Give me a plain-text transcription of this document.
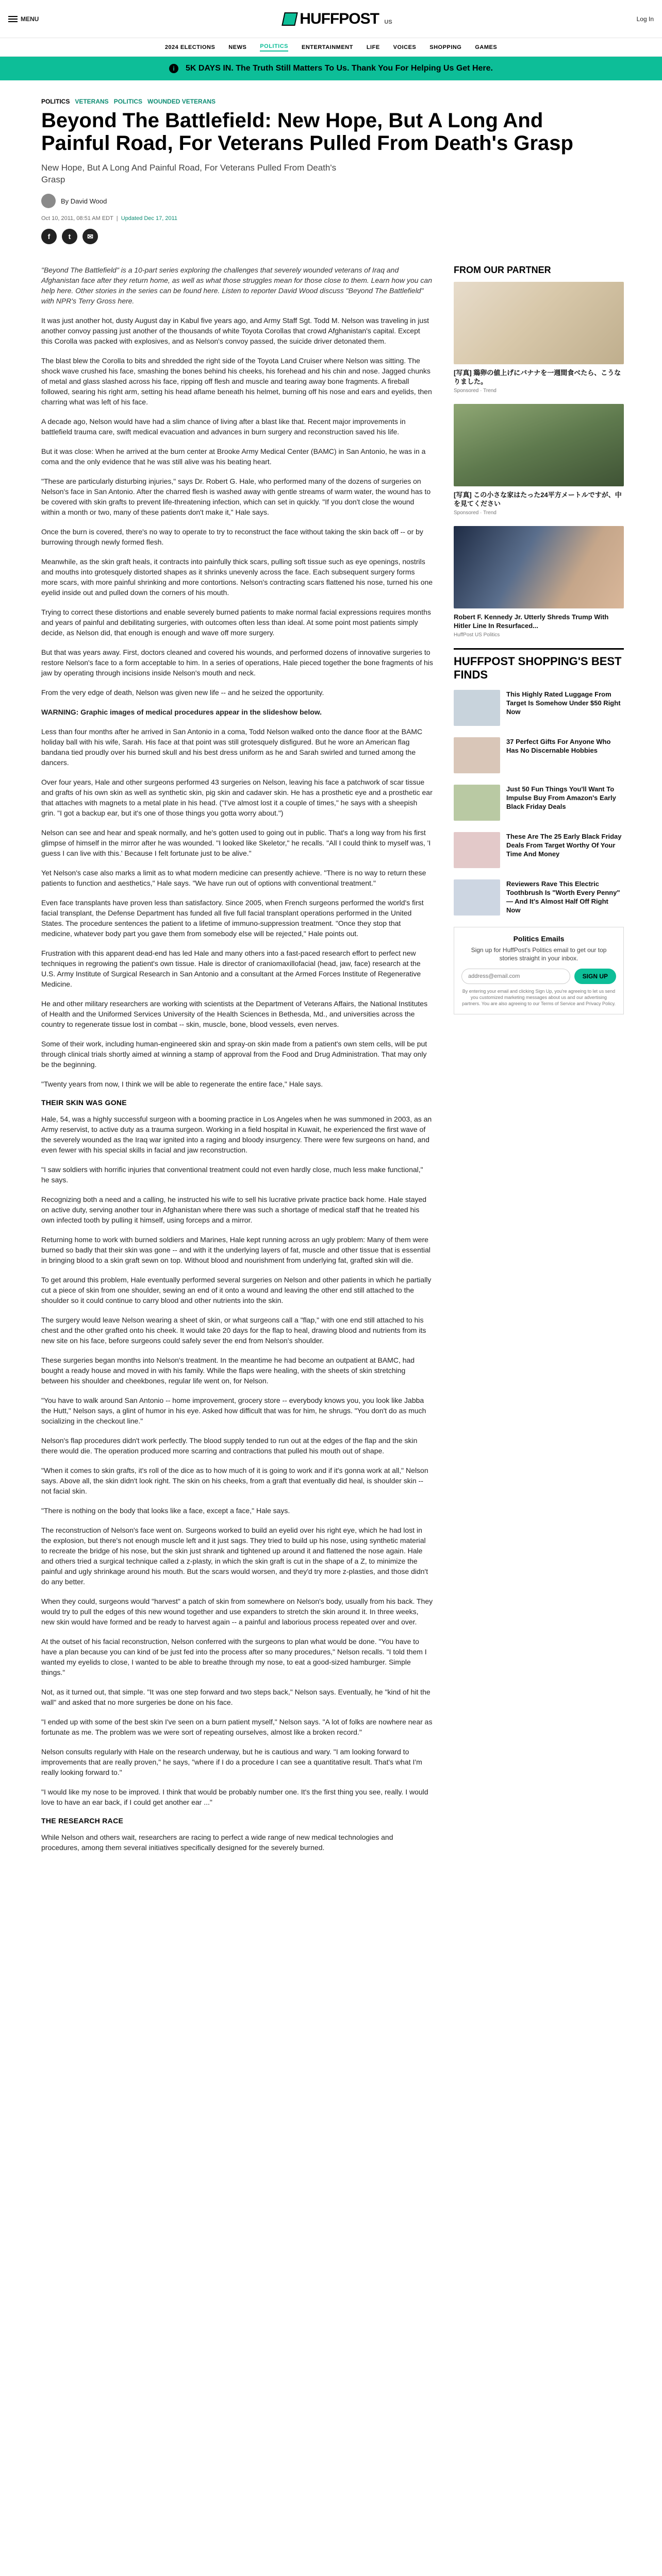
MENU	HUFFPOST US	Log In
2024 ELECTIONS NEWS POLITICS ENTERTAINMENT LIFE VOICES SHOPPING GAMES
i	5K DAYS IN. The Truth Still Matters To Us. Thank You For Helping Us Get Here.
POLITICS VETERANS POLITICS WOUNDED VETERANS
Beyond The Battlefield: New Hope, But A Long And Painful Road, For Veterans Pulled From Death's Grasp
New Hope, But A Long And Painful Road, For Veterans Pulled From Death's Grasp
By David Wood
Oct 10, 2011, 08:51 AM EDT  |  Updated Dec 17, 2011
f	t ✉

"Beyond The Battlefield" is a 10-part series exploring the challenges that severely wounded veterans of Iraq and Afghanistan face after they return home, as well as what those struggles mean for those close to them. Learn how you can help here. Other stories in the series can be found here. Listen to reporter David Wood discuss "Beyond The Battlefield" with NPR's Terry Gross here.

It was just another hot, dusty August day in Kabul five years ago, and Army Staff Sgt. Todd M. Nelson was traveling in just another convoy passing just another of the thousands of white Toyota Corollas that crowd Afghanistan's capital. Except this Corolla was packed with explosives, and as Nelson's convoy passed, the suicide driver detonated them.

The blast blew the Corolla to bits and shredded the right side of the Toyota Land Cruiser where Nelson was sitting. The shock wave crushed his face, smashing the bones behind his cheeks, his forehead and his chin and nose. Jagged chunks of metal and glass slashed across his face, ripping off flesh and muscle and tearing away bone fragments. A fireball followed, searing his right arm, setting his head aflame beneath his helmet, burning off his nose and ears and eyelids, then charring what was left of his face.

A decade ago, Nelson would have had a slim chance of living after a blast like that. Recent major improvements in battlefield trauma care, swift medical evacuation and advances in burn surgery and reconstruction saved his life.

But it was close: When he arrived at the burn center at Brooke Army Medical Center (BAMC) in San Antonio, he was in a coma and the only evidence that he was still alive was his beating heart.

"These are particularly disturbing injuries," says Dr. Robert G. Hale, who performed many of the dozens of surgeries on Nelson's face in San Antonio. After the charred flesh is washed away with gentle streams of warm water, the wound has to be covered with skin grafts to prevent life-threatening infection, which can set in quickly. "If you don't close the wound within a month or two, many of these patients don't make it," Hale says.

Once the burn is covered, there's no way to operate to try to reconstruct the face without taking the skin back off -- or by burrowing through newly formed flesh.

Meanwhile, as the skin graft heals, it contracts into painfully thick scars, pulling soft tissue such as eye openings, nostrils and mouths into grotesquely distorted shapes as it shrinks unevenly across the face. Each subsequent surgery forms more scars, with more painful shrinking and more contortions. Nelson's contracting scars flattened his nose, turned his one eyelid inside out and pulled down the corners of his mouth.

Trying to correct these distortions and enable severely burned patients to make normal facial expressions requires months and years of painful and debilitating surgeries, with outcomes often less than ideal. At some point most patients simply decide, as Nelson did, that enough is enough and wave off more surgery.

But that was years away. First, doctors cleaned and covered his wounds, and performed dozens of innovative surgeries to restore Nelson's face to a form acceptable to him. In a series of operations, Hale pieced together the bone fragments of his jaw by operating through incisions inside Nelson's mouth and neck.

From the very edge of death, Nelson was given new life -- and he seized the opportunity.

WARNING: Graphic images of medical procedures appear in the slideshow below.

Less than four months after he arrived in San Antonio in a coma, Todd Nelson walked onto the dance floor at the BAMC holiday ball with his wife, Sarah. His face at that point was still grotesquely disfigured. But he wore an American flag bandana tied proudly over his burned skull and his best dress uniform as he and Sarah swirled and turned among the dancers.

Over four years, Hale and other surgeons performed 43 surgeries on Nelson, leaving his face a patchwork of scar tissue and grafts of his own skin as well as synthetic skin, pig skin and cadaver skin. He has a prosthetic eye and a prosthetic ear that attaches with magnets to a metal plate in his head. ("I've almost lost it a couple of times," he says with a sheepish grin. "I got a backup ear, but it's one of those things you gotta worry about.")

Nelson can see and hear and speak normally, and he's gotten used to going out in public. That's a long way from his first glimpse of himself in the mirror after he was wounded. "I looked like Skeletor," he recalls. "All I could think to myself was, 'I guess I can live with this.' Because I felt fortunate just to be alive."

Yet Nelson's case also marks a limit as to what modern medicine can presently achieve. "There is no way to return these patients to function and aesthetics," Hale says. "We have run out of options with conventional treatment."

Even face transplants have proven less than satisfactory. Since 2005, when French surgeons performed the world's first facial transplant, the Defense Department has funded all five full facial transplant operations performed in the United States. The procedure sentences the patient to a lifetime of immuno-suppression treatment. "Once they stop that medicine, whatever body part you gave them from somebody else will be rejected," Hale points out.

Frustration with this apparent dead-end has led Hale and many others into a fast-paced research effort to perfect new techniques in regrowing the patient's own tissue. Hale is director of craniomaxillofacial (head, jaw, face) research at the U.S. Army Institute of Surgical Research in San Antonio and a consultant at the Armed Forces Institute of Regenerative Medicine.

He and other military researchers are working with scientists at the Department of Veterans Affairs, the National Institutes of Health and the Uniformed Services University of the Health Sciences in Bethesda, Md., and universities across the country to regenerate tissue lost in combat -- skin, muscle, bone, blood vessels, even nerves.

Some of their work, including human-engineered skin and spray-on skin made from a patient's own stem cells, will be put through clinical trials shortly aimed at winning a stamp of approval from the Food and Drug Administration. That may only be the beginning.

"Twenty years from now, I think we will be able to regenerate the entire face," Hale says.

THEIR SKIN WAS GONE

Hale, 54, was a highly successful surgeon with a booming practice in Los Angeles when he was summoned in 2003, as an Army reservist, to active duty as a trauma surgeon. Working in a field hospital in Kuwait, he experienced the first wave of the severely wounded as the Iraq war ignited into a raging and bloody insurgency. There were few surgeons on hand, and even fewer with his special skills in facial and jaw reconstruction.

"I saw soldiers with horrific injuries that conventional treatment could not even hardly close, much less make functional," he says.

Recognizing both a need and a calling, he instructed his wife to sell his lucrative private practice back home. Hale stayed on active duty, serving another tour in Afghanistan where there was such a shortage of medical staff that he treated his own infected tooth by pulling it himself, using forceps and a mirror.

Returning home to work with burned soldiers and Marines, Hale kept running across an ugly problem: Many of them were burned so badly that their skin was gone -- and with it the underlying layers of fat, muscle and other tissue that is essential in bringing blood to a skin graft sewn on top. Without blood and nourishment from underlying fat, grafted skin will die.

To get around this problem, Hale eventually performed several surgeries on Nelson and other patients in which he partially cut a piece of skin from one shoulder, sewing an end of it onto a wound and leaving the other end still attached to the shoulder so it could continue to carry blood and other nutrients into the skin.

The surgery would leave Nelson wearing a sheet of skin, or what surgeons call a "flap," with one end still attached to his chest and the other grafted onto his cheek. It would take 20 days for the flap to heal, drawing blood and nutrients from its new site on his face, before surgeons could safely sever the end from Nelson's shoulder.

These surgeries began months into Nelson's treatment. In the meantime he had become an outpatient at BAMC, had bought a ready house and moved in with his family. While the flaps were healing, with the sheets of skin stretching between his shoulder and cheekbones, regular life went on, for Nelson.

"You have to walk around San Antonio -- home improvement, grocery store -- everybody knows you, you look like Jabba the Hutt," Nelson says, a glint of humor in his eye. Asked how difficult that was for him, he shrugs. "You don't do as much socializing in the checkout line."

Nelson's flap procedures didn't work perfectly. The blood supply tended to run out at the edges of the flap and the skin there would die. The operation produced more scarring and contractions that pulled his mouth out of shape.

"When it comes to skin grafts, it's roll of the dice as to how much of it is going to work and if it's gonna work at all," Nelson says. Above all, the skin didn't look right. The skin on his cheeks, from a graft that eventually did heal, is shoulder skin -- not facial skin.

"There is nothing on the body that looks like a face, except a face," Hale says.

The reconstruction of Nelson's face went on. Surgeons worked to build an eyelid over his right eye, which he had lost in the explosion, but there's not enough muscle left and it just sags. They tried to build up his nose, using synthetic material to recreate the bridge of his nose, but the skin just shrank and tightened up around it and flattened the nose again. Hale and others tried a surgical technique called a z-plasty, in which the skin graft is cut in the shape of a Z, to minimize the painful and ugly shrinkage around his mouth. But the scars would worsen, and they'd try more z-plasties, and those didn't do any better.

When they could, surgeons would "harvest" a patch of skin from somewhere on Nelson's body, usually from his back. They would try to pull the edges of this new wound together and use expanders to stretch the skin around it. In three weeks, new skin would have formed and be ready to harvest again -- a painful and laborious process repeated over and over.

At the outset of his facial reconstruction, Nelson conferred with the surgeons to plan what would be done. "You have to have a plan because you can kind of be just fed into the process after so many procedures," Nelson recalls. "I told them I wanted my eyelids to close, I wanted to be able to breathe through my nose, to eat a good-sized hamburger. Simple things."

Not, as it turned out, that simple. "It was one step forward and two steps back," Nelson says. Eventually, he "kind of hit the wall" and asked that no more surgeries be done on his face.

"I ended up with some of the best skin I've seen on a burn patient myself," Nelson says. "A lot of folks are nowhere near as fortunate as me. The problem was we were sort of repeating ourselves, almost like a broken record."

Nelson consults regularly with Hale on the research underway, but he is cautious and wary. "I am looking forward to improvements that are really proven," he says, "where if I do a procedure I can see a quantitative result. That's what I'm really looking forward to."

"I would like my nose to be improved. I think that would be probably number one. It's the first thing you see, really. I would love to have an ear back, if I could get another ear ..."

THE RESEARCH RACE

While Nelson and others wait, researchers are racing to perfect a wide range of new medical technologies and procedures, among them several initiatives specifically designed for the severely burned.

FROM OUR PARTNER
[写真] 鶏卵の値上げにバナナを一週間食べたら、こうなりました。
Sponsored · Trend
[写真] この小さな家はたった24平方メートルですが、中を見てください
Sponsored · Trend
Robert F. Kennedy Jr. Utterly Shreds Trump With Hitler Line In Resurfaced...
HuffPost US Politics
HUFFPOST SHOPPING'S BEST FINDS
This Highly Rated Luggage From Target Is Somehow Under $50 Right Now
37 Perfect Gifts For Anyone Who Has No Discernable Hobbies
Just 50 Fun Things You'll Want To Impulse Buy From Amazon's Early Black Friday Deals
These Are The 25 Early Black Friday Deals From Target Worthy Of Your Time And Money
Reviewers Rave This Electric Toothbrush Is "Worth Every Penny" — And It's Almost Half Off Right Now
Politics Emails
Sign up for HuffPost's Politics email to get our top stories straight in your inbox.
address@email.com
SIGN UP
By entering your email and clicking Sign Up, you're agreeing to let us send you customized marketing messages about us and our advertising partners. You are also agreeing to our Terms of Service and Privacy Policy.
